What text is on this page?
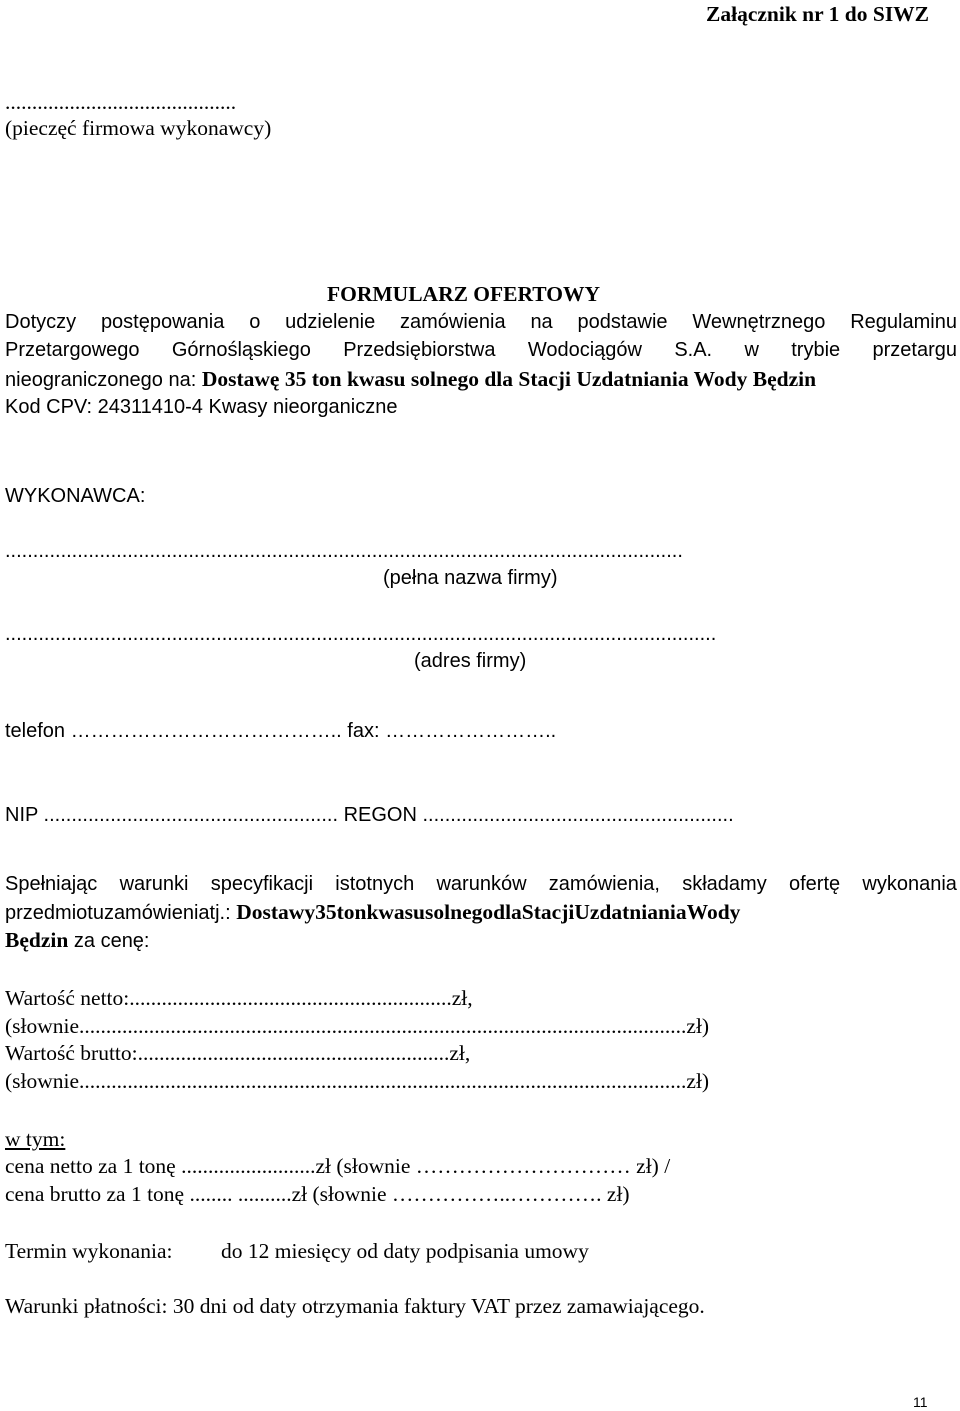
Załącznik nr 1 do SIWZ
...........................................
(pieczęć firmowa wykonawcy)
FORMULARZ OFERTOWY
Dotyczy postępowania o udzielenie zamówienia na podstawie Wewnętrznego Regulaminu
Przetargowego Górnośląskiego Przedsiębiorstwa Wodociągów S.A. w trybie przetargu
nieograniczonego na: Dostawę 35 ton kwasu solnego dla Stacji Uzdatniania Wody Będzin
Kod CPV: 24311410-4 Kwasy nieorganiczne
WYKONAWCA:
..........................................................................................................................
(pełna nazwa firmy)
................................................................................................................................
(adres firmy)
telefon ………………………………….. fax: ……………………..
NIP ..................................................... REGON ........................................................
Spełniając warunki specyfikacji istotnych warunków zamówienia, składamy ofertę wykonania
przedmiotuzamówieniatj.: Dostawy35tonkwasusolnegodlaStacjiUzdatnianiaWody
Będzin za cenę:
Wartość netto:............................................................zł,
(słownie.................................................................................................................zł)
Wartość brutto:..........................................................zł,
(słownie.................................................................................................................zł)
w tym:
cena netto za 1 tonę .........................zł (słownie ………………………… zł) /
cena brutto za 1 tonę ........ ..........zł (słownie ……………..…………. zł)
Termin wykonania: do 12 miesięcy od daty podpisania umowy
Warunki płatności: 30 dni od daty otrzymania faktury VAT przez zamawiającego.
11
